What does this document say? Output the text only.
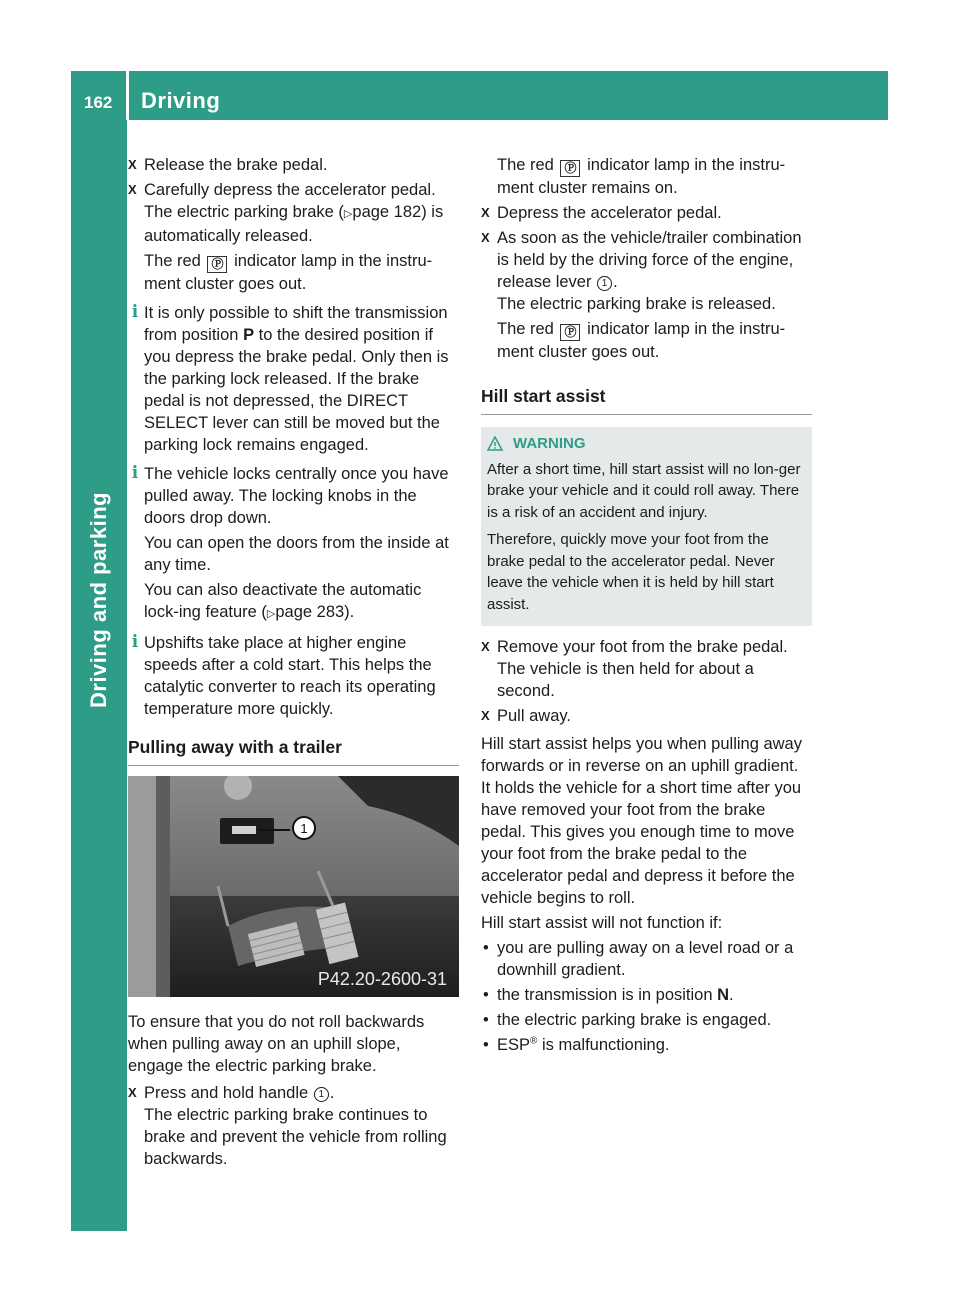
162 Driving
Driving and parking
X Release the brake pedal.
X Carefully depress the accelerator pedal.
The electric parking brake (▷page 182) is automatically released.
The red Ⓟ indicator lamp in the instru-ment cluster goes out.
i It is only possible to shift the transmission from position P to the desired position if you depress the brake pedal. Only then is the parking lock released. If the brake pedal is not depressed, the DIRECT SELECT lever can still be moved but the parking lock remains engaged.
i The vehicle locks centrally once you have pulled away. The locking knobs in the doors drop down.
You can open the doors from the inside at any time.
You can also deactivate the automatic lock-ing feature (▷page 283).
i Upshifts take place at higher engine speeds after a cold start. This helps the catalytic converter to reach its operating temperature more quickly.
Pulling away with a trailer
1
P42.20-2600-31
To ensure that you do not roll backwards when pulling away on an uphill slope, engage the electric parking brake.
X Press and hold handle 1 .
The electric parking brake continues to brake and prevent the vehicle from rolling backwards.
The red Ⓟ indicator lamp in the instru-ment cluster remains on.
X Depress the accelerator pedal.
X As soon as the vehicle/trailer combination is held by the driving force of the engine, release lever 1 .
The electric parking brake is released.
The red Ⓟ indicator lamp in the instru-ment cluster goes out.
Hill start assist
WARNING
After a short time, hill start assist will no lon-ger brake your vehicle and it could roll away. There is a risk of an accident and injury.
Therefore, quickly move your foot from the brake pedal to the accelerator pedal. Never leave the vehicle when it is held by hill start assist.
X Remove your foot from the brake pedal.
The vehicle is then held for about a second.
X Pull away.
Hill start assist helps you when pulling away forwards or in reverse on an uphill gradient. It holds the vehicle for a short time after you have removed your foot from the brake pedal. This gives you enough time to move your foot from the brake pedal to the accelerator pedal and depress it before the vehicle begins to roll.
Hill start assist will not function if:
• you are pulling away on a level road or a downhill gradient.
• the transmission is in position N.
• the electric parking brake is engaged.
• ESP® is malfunctioning.
